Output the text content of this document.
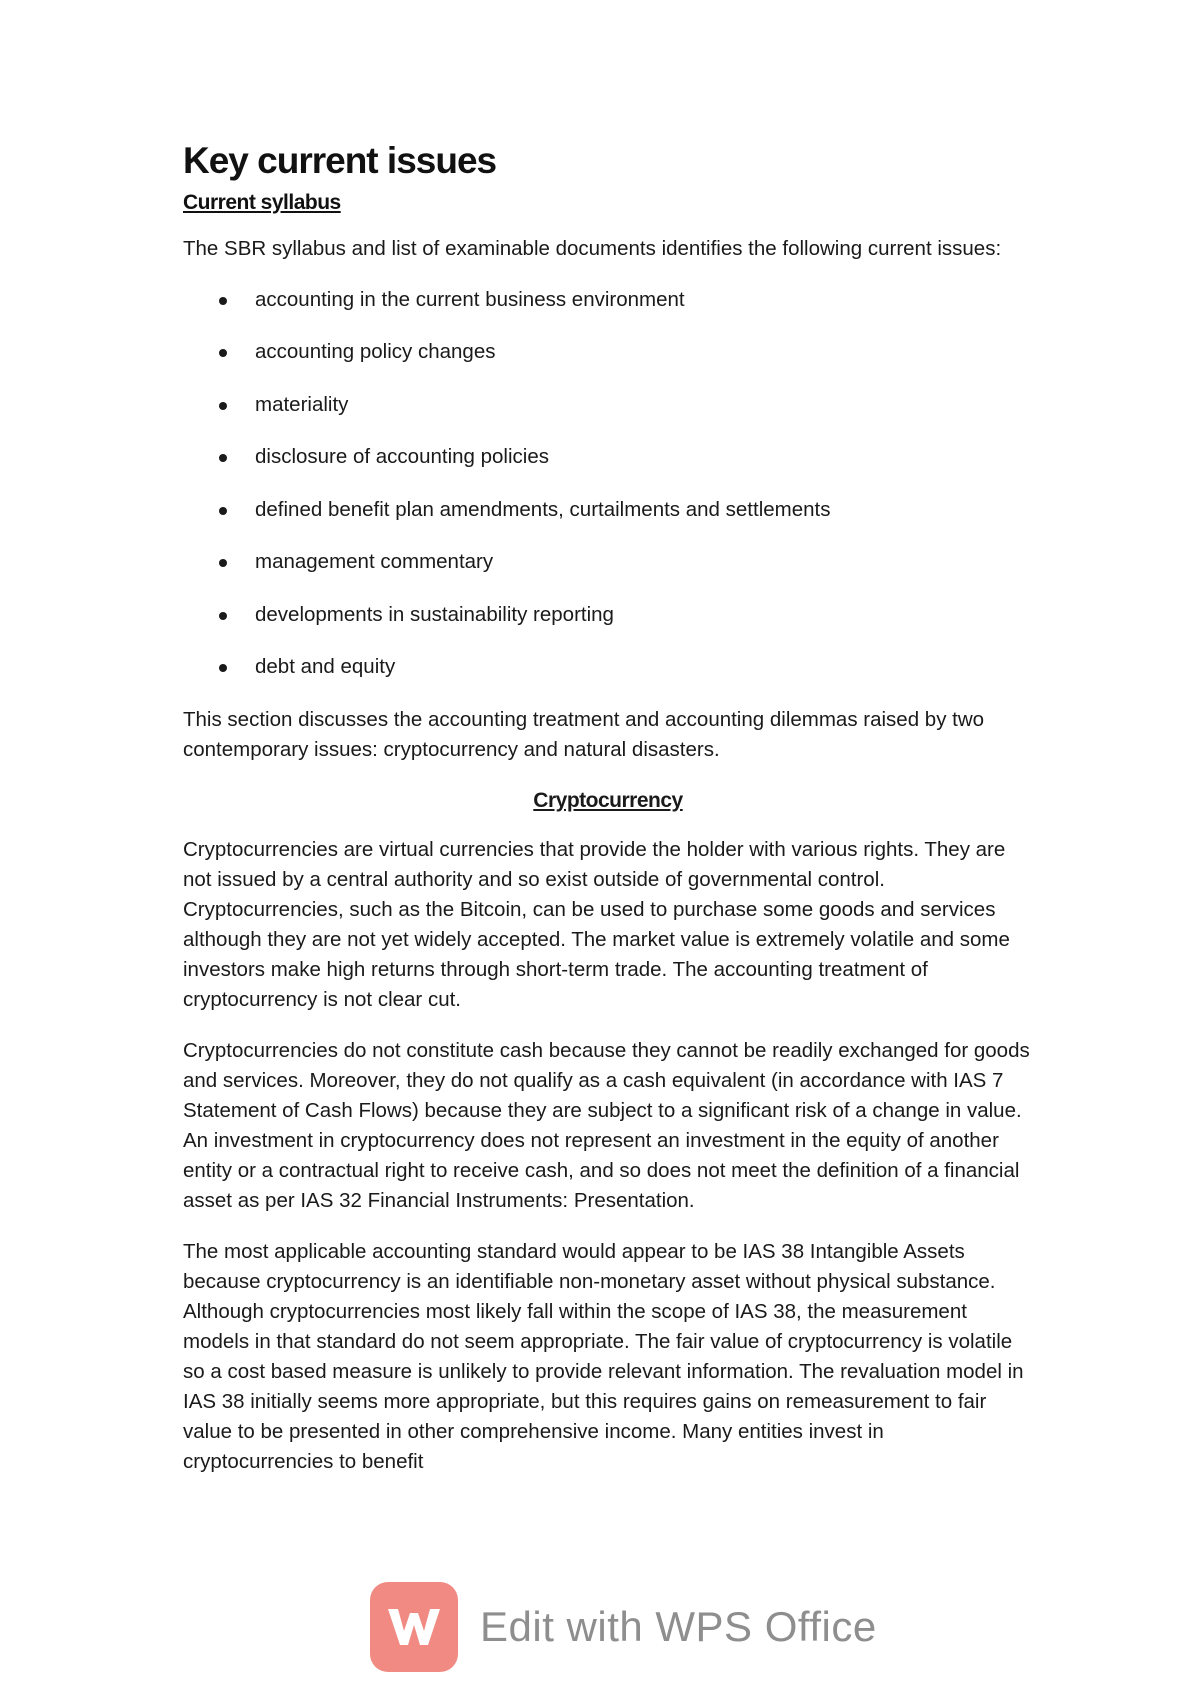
Key current issues
Current syllabus

The SBR syllabus and list of examinable documents identifies the following current issues:

accounting in the current business environment
accounting policy changes
materiality
disclosure of accounting policies
defined benefit plan amendments, curtailments and settlements
management commentary
developments in sustainability reporting
debt and equity

This section discusses the accounting treatment and accounting dilemmas raised by two contemporary issues: cryptocurrency and natural disasters.

Cryptocurrency

Cryptocurrencies are virtual currencies that provide the holder with various rights. They are not issued by a central authority and so exist outside of governmental control. Cryptocurrencies, such as the Bitcoin, can be used to purchase some goods and services although they are not yet widely accepted. The market value is extremely volatile and some investors make high returns through short-term trade. The accounting treatment of cryptocurrency is not clear cut.

Cryptocurrencies do not constitute cash because they cannot be readily exchanged for goods and services. Moreover, they do not qualify as a cash equivalent (in accordance with IAS 7 Statement of Cash Flows) because they are subject to a significant risk of a change in value. An investment in cryptocurrency does not represent an investment in the equity of another entity or a contractual right to receive cash, and so does not meet the definition of a financial asset as per IAS 32 Financial Instruments: Presentation.

The most applicable accounting standard would appear to be IAS 38 Intangible Assets because cryptocurrency is an identifiable non-monetary asset without physical substance. Although cryptocurrencies most likely fall within the scope of IAS 38, the measurement models in that standard do not seem appropriate. The fair value of cryptocurrency is volatile so a cost based measure is unlikely to provide relevant information. The revaluation model in IAS 38 initially seems more appropriate, but this requires gains on remeasurement to fair value to be presented in other comprehensive income. Many entities invest in cryptocurrencies to benefit

Edit with WPS Office
